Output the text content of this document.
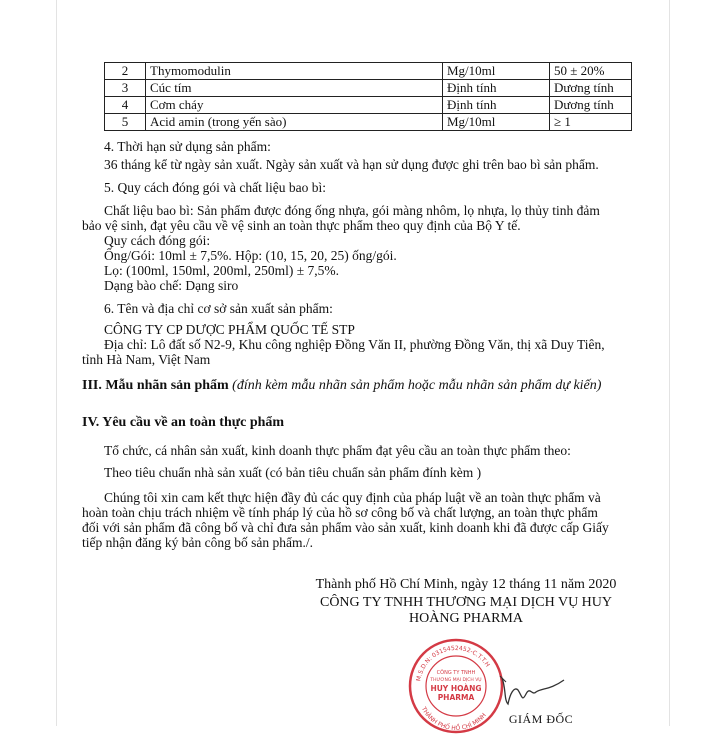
2	Thymomodulin	Mg/10ml	50 ± 20%
3	Cúc tím	Định tính	Dương tính
4	Cơm cháy	Định tính	Dương tính
5	Acid amin (trong yến sào)	Mg/10ml	≥ 1
4. Thời hạn sử dụng sản phẩm:
36 tháng kể từ ngày sản xuất. Ngày sản xuất và hạn sử dụng được ghi trên bao bì sản phẩm.
5. Quy cách đóng gói và chất liệu bao bì:
Chất liệu bao bì: Sản phẩm được đóng ống nhựa, gói màng nhôm, lọ nhựa, lọ thủy tinh đảm
bảo vệ sinh, đạt yêu cầu về vệ sinh an toàn thực phẩm theo quy định của Bộ Y tế.
Quy cách đóng gói:
Ống/Gói: 10ml ± 7,5%. Hộp: (10, 15, 20, 25) ống/gói.
Lọ: (100ml, 150ml, 200ml, 250ml) ± 7,5%.
Dạng bào chế: Dạng siro
6. Tên và địa chỉ cơ sở sản xuất sản phẩm:
CÔNG TY CP DƯỢC PHẨM QUỐC TẾ STP
Địa chỉ: Lô đất số N2-9, Khu công nghiệp Đồng Văn II, phường Đồng Văn, thị xã Duy Tiên,
tỉnh Hà Nam, Việt Nam
III. Mẫu nhãn sản phẩm (đính kèm mẫu nhãn sản phẩm hoặc mẫu nhãn sản phẩm dự kiến)
IV. Yêu cầu về an toàn thực phẩm
Tổ chức, cá nhân sản xuất, kinh doanh thực phẩm đạt yêu cầu an toàn thực phẩm theo:
Theo tiêu chuẩn nhà sản xuất (có bản tiêu chuẩn sản phẩm đính kèm )
Chúng tôi xin cam kết thực hiện đầy đủ các quy định của pháp luật về an toàn thực phẩm và
hoàn toàn chịu trách nhiệm về tính pháp lý của hồ sơ công bố và chất lượng, an toàn thực phẩm
đối với sản phẩm đã công bố và chỉ đưa sản phẩm vào sản xuất, kinh doanh khi đã được cấp Giấy
tiếp nhận đăng ký bản công bố sản phẩm./.
Thành phố Hồ Chí Minh, ngày 12 tháng 11 năm 2020
CÔNG TY TNHH THƯƠNG MẠI DỊCH VỤ HUY
HOÀNG PHARMA
M.S.D.N: 0315452452-C.T.T.H
THÀNH PHỐ HỒ CHÍ MINH
CÔNG TY TNHH
THƯƠNG MẠI DỊCH VỤ
HUY HOÀNG
PHARMA
GIÁM ĐỐC
